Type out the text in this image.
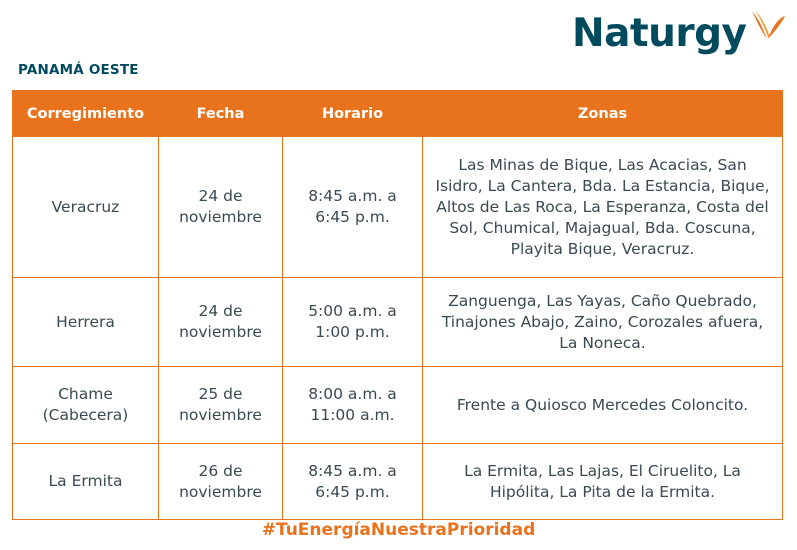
Naturgy
PANAMÁ OESTE
Corregimiento	Fecha	Horario	Zonas
Veracruz	24 de noviembre	8:45 a.m. a 6:45 p.m.	Las Minas de Bique, Las Acacias, San Isidro, La Cantera, Bda. La Estancia, Bique, Altos de Las Roca, La Esperanza, Costa del Sol, Chumical, Majagual, Bda. Coscuna, Playita Bique, Veracruz.
Herrera	24 de noviembre	5:00 a.m. a 1:00 p.m.	Zanguenga, Las Yayas, Caño Quebrado, Tinajones Abajo, Zaino, Corozales afuera, La Noneca.
Chame (Cabecera)	25 de noviembre	8:00 a.m. a 11:00 a.m.	Frente a Quiosco Mercedes Coloncito.
La Ermita	26 de noviembre	8:45 a.m. a 6:45 p.m.	La Ermita, Las Lajas, El Ciruelito, La Hipólita, La Pita de la Ermita.
#TuEnergíaNuestraPrioridad
